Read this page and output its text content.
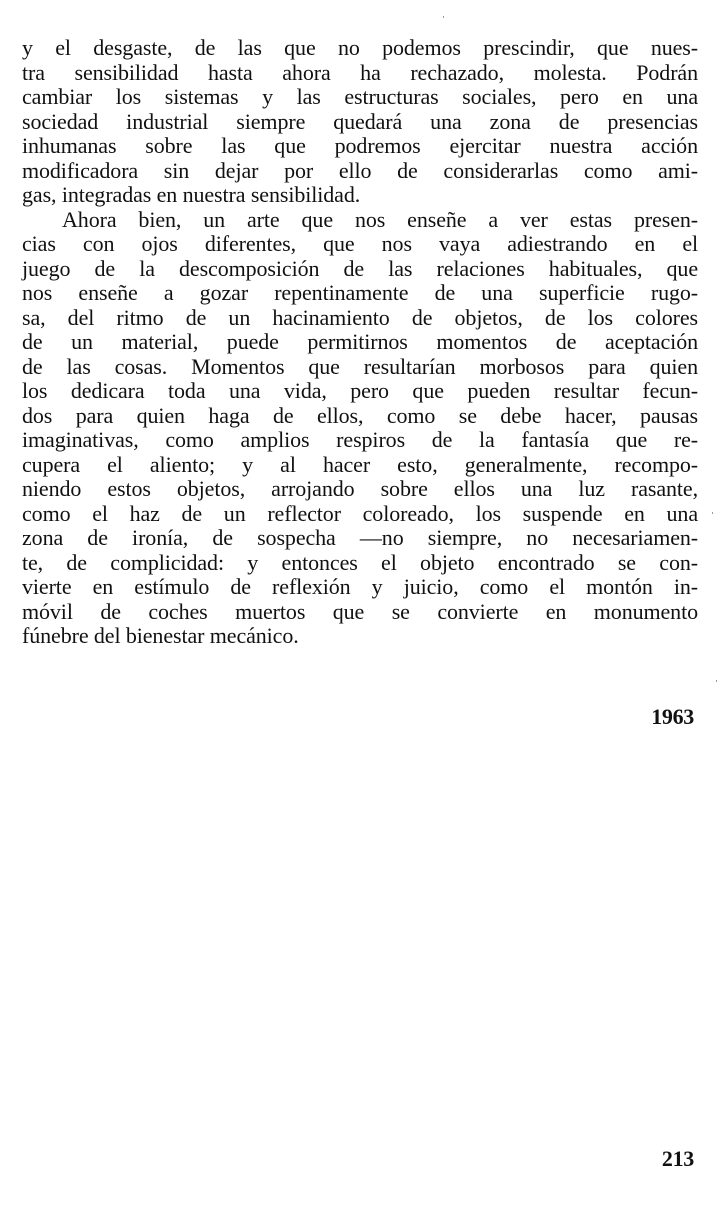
y el desgaste, de las que no podemos prescindir, que nues-
tra sensibilidad hasta ahora ha rechazado, molesta. Podrán
cambiar los sistemas y las estructuras sociales, pero en una
sociedad industrial siempre quedará una zona de presencias
inhumanas sobre las que podremos ejercitar nuestra acción
modificadora sin dejar por ello de considerarlas como ami-
gas, integradas en nuestra sensibilidad.
Ahora bien, un arte que nos enseñe a ver estas presen-
cias con ojos diferentes, que nos vaya adiestrando en el
juego de la descomposición de las relaciones habituales, que
nos enseñe a gozar repentinamente de una superficie rugo-
sa, del ritmo de un hacinamiento de objetos, de los colores
de un material, puede permitirnos momentos de aceptación
de las cosas. Momentos que resultarían morbosos para quien
los dedicara toda una vida, pero que pueden resultar fecun-
dos para quien haga de ellos, como se debe hacer, pausas
imaginativas, como amplios respiros de la fantasía que re-
cupera el aliento; y al hacer esto, generalmente, recompo-
niendo estos objetos, arrojando sobre ellos una luz rasante,
como el haz de un reflector coloreado, los suspende en una
zona de ironía, de sospecha —no siempre, no necesariamen-
te, de complicidad: y entonces el objeto encontrado se con-
vierte en estímulo de reflexión y juicio, como el montón in-
móvil de coches muertos que se convierte en monumento
fúnebre del bienestar mecánico.
1963
213
